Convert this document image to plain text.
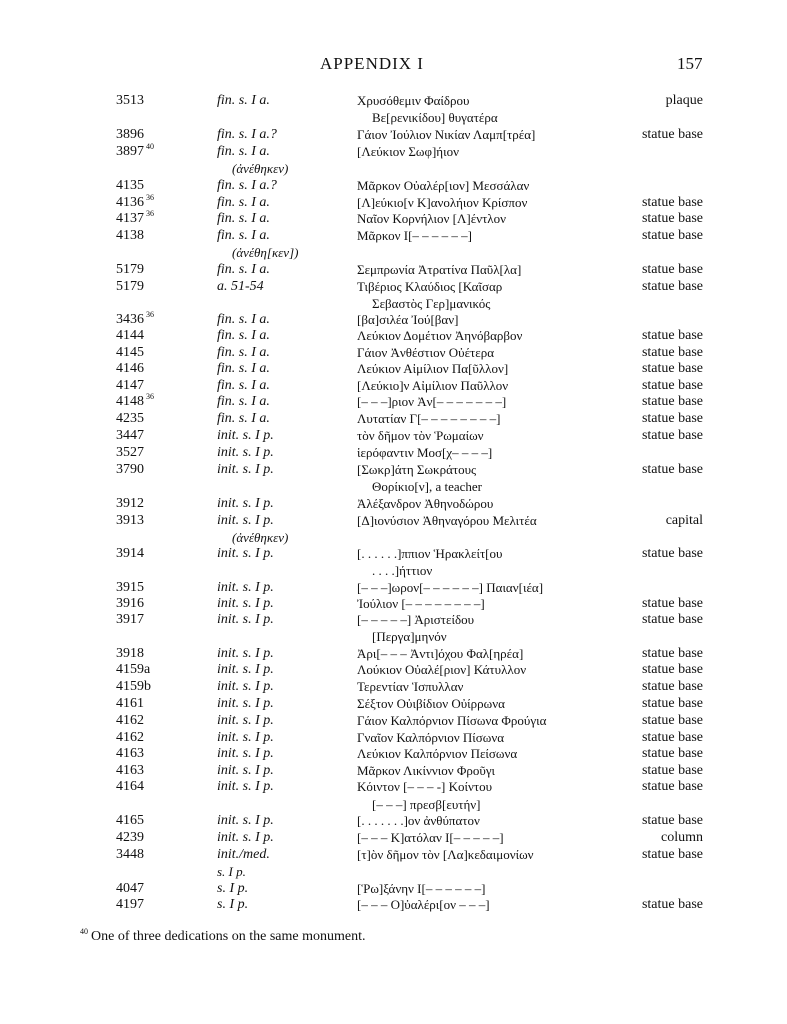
APPENDIX I	157
3513	fin. s. I a.	Χρυσόθεμιν Φαίδρου	plaque
Βε[ρενικίδου] θυγατέρα
3896	fin. s. I a.?	Γάιον Ἰούλιον Νικίαν Λαμπ[τρέα]	statue base
3897 $^{40}$	fin. s. I a.	[Λεύκιον Σωφ]ήιον
(ἀνέθηκεν)
4135	fin. s. I a.?	Μᾶρκον Οὐαλέρ[ιον] Μεσσάλαν
4136 $^{36}$	fin. s. I a.	[Λ]εύκιο[ν Κ]ανολήιον Κρίσπον	statue base
4137 $^{36}$	fin. s. I a.	Ναῖον Κορνήλιον [Λ]έντλον	statue base
4138	fin. s. I a.	Μᾶρκον Ι[– – – – – –]	statue base
(ἀνέθη[κεν])
5179	fin. s. I a.	Σεμπρωνία Ἀτρατίνα Παῦλ[λα]	statue base
5179	a. 51-54	Τιβέριος Κλαύδιος [Καῖσαρ	statue base
Σεβαστὸς Γερ]μανικός
3436 $^{36}$	fin. s. I a.	[βα]σιλέα Ἰού[βαν]
4144	fin. s. I a.	Λεύκιον Δομέτιον Ἀηνόβαρβον	statue base
4145	fin. s. I a.	Γάιον Ἀνθέστιον Οὐέτερα	statue base
4146	fin. s. I a.	Λεύκιον Αἰμίλιον Πα[ῦλλον]	statue base
4147	fin. s. I a.	[Λεύκιο]ν Αἰμίλιον Παῦλλον	statue base
4148 $^{36}$	fin. s. I a.	[– – –]ριον Ἀν[– – – – – – –]	statue base
4235	fin. s. I a.	Λυτατίαν Γ[– – – – – – – –]	statue base
3447	init. s. I p.	τὸν δῆμον τὸν Ῥωμαίων	statue base
3527	init. s. I p.	ἱερόφαντιν Μοσ[χ– – – –]
3790	init. s. I p.	[Σωκρ]άτη Σωκράτους	statue base
Θορίκιο[ν], a teacher
3912	init. s. I p.	Ἀλέξανδρον Ἀθηνοδώρου
3913	init. s. I p.	[Δ]ιονύσιον Ἀθηναγόρου Μελιτέα	capital
(ἀνέθηκεν)
3914	init. s. I p.	[. . . . . .]ππιον Ἡρακλείτ[ου	statue base
. . . .]ήττιον
3915	init. s. I p.	[– – –]ωρον[– – – – – –] Παιαν[ιέα]
3916	init. s. I p.	Ἰούλιον [– – – – – – – –]	statue base
3917	init. s. I p.	[– – – – –] Ἀριστείδου	statue base
[Περγα]μηνόν
3918	init. s. I p.	Ἀρι[– – – Ἀντι]όχου Φαλ[ηρέα]	statue base
4159a	init. s. I p.	Λούκιον Οὐαλέ[ριον] Κάτυλλον	statue base
4159b	init. s. I p.	Τερεντίαν Ἱσπυλλαν	statue base
4161	init. s. I p.	Σέξτον Οὐιβίδιον Οὐίρρωνα	statue base
4162	init. s. I p.	Γάιον Καλπόρνιον Πίσωνα Φρούγια	statue base
4162	init. s. I p.	Γναῖον Καλπόρνιον Πίσωνα	statue base
4163	init. s. I p.	Λεύκιον Καλπόρνιον Πείσωνα	statue base
4163	init. s. I p.	Μᾶρκον Λικίννιον Φροῦγι	statue base
4164	init. s. I p.	Κόιντον [– – – -] Κοίντου	statue base
[– – –] πρεσβ[ευτήν]
4165	init. s. I p.	[. . . . . . .]ον ἀνθύπατον	statue base
4239	init. s. I p.	[– – – Κ]ατόλαν Ι[– – – – –]	column
3448	init./med.	[τ]ὸν δῆμον τὸν [Λα]κεδαιμονίων	statue base
s. I p.
4047	s. I p.	[Ῥω]ξάνην Ι[– – – – – –]
4197	s. I p.	[– – – Ο]ὐαλέρι[ον – – –]	statue base
$^{40}$ One of three dedications on the same monument.
